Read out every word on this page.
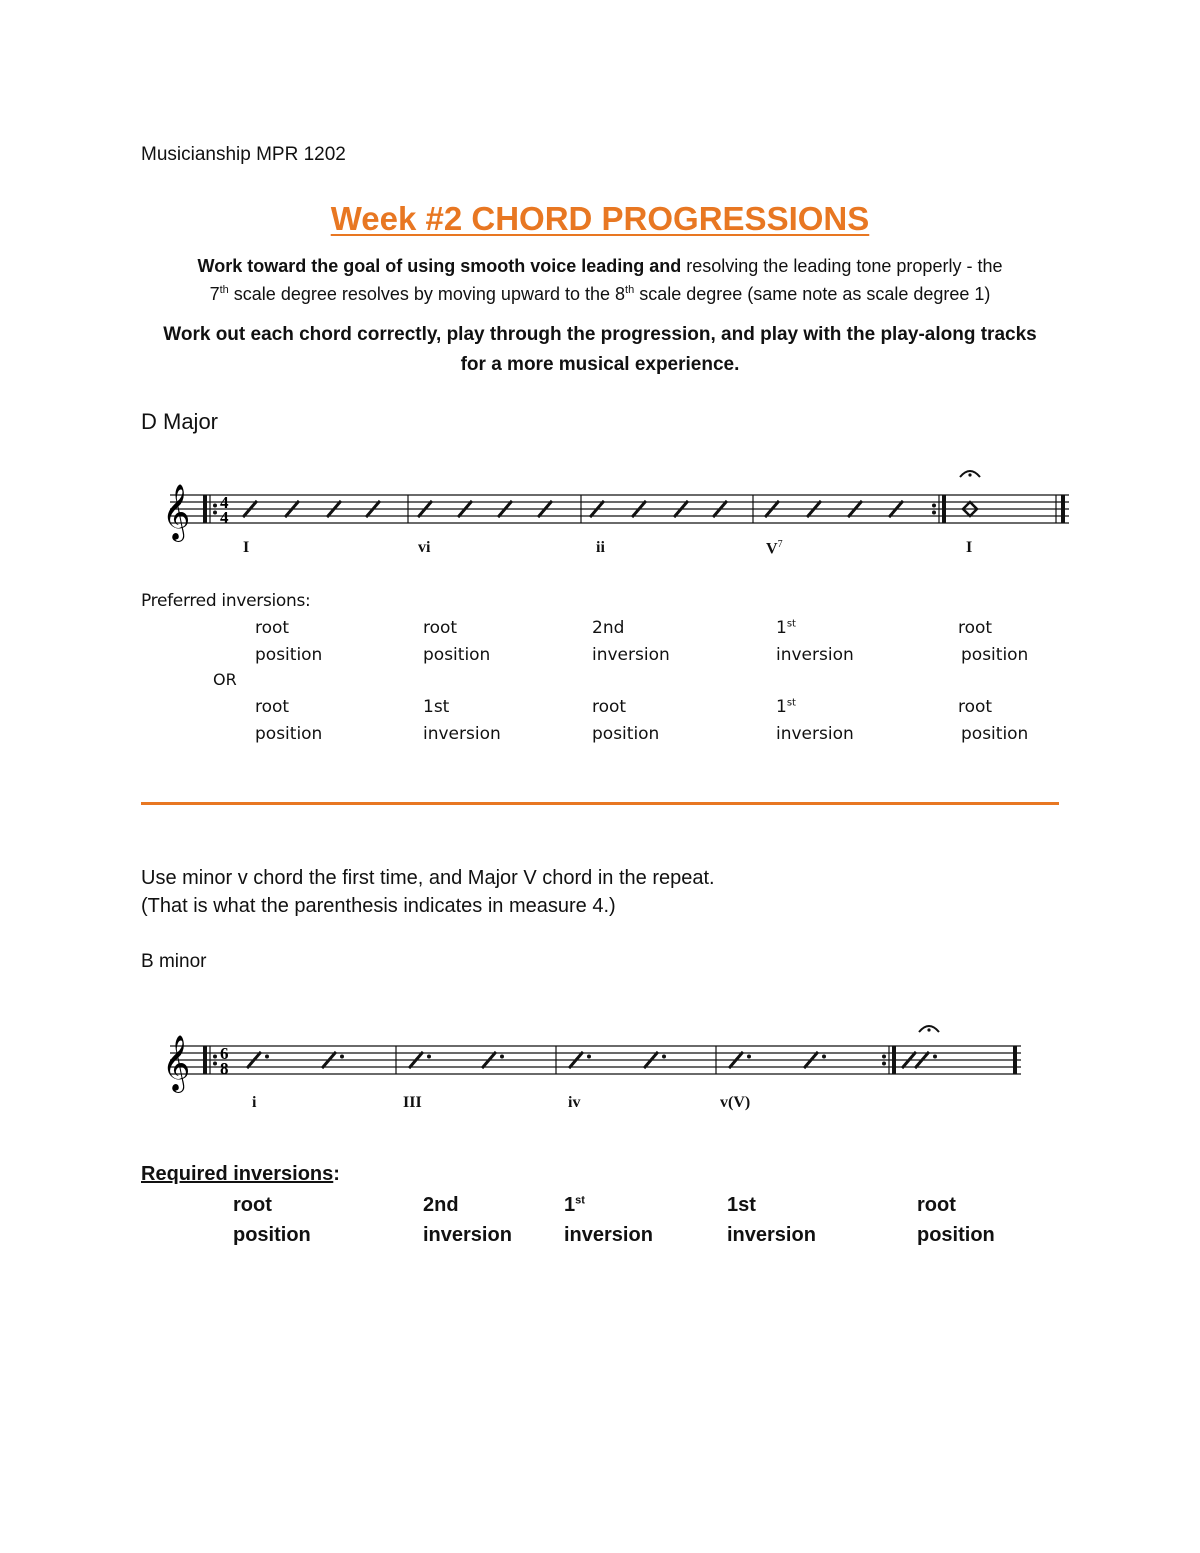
Musicianship MPR 1202
Week #2 CHORD PROGRESSIONS
Work toward the goal of using smooth voice leading and resolving the leading tone properly - the
7th scale degree resolves by moving upward to the 8th scale degree (same note as scale degree 1)
Work out each chord correctly, play through the progression, and play with the play-along tracks for a more musical experience.
D Major
𝄞 4
4
I	vi	ii	$V^7$	I
Preferred inversions:
root
position
root
position
2nd
inversion
1st
inversion
root
position
OR
root
position
1st
inversion
root
position
1st
inversion
root
position
Use minor v chord the first time, and Major V chord in the repeat.
(That is what the parenthesis indicates in measure 4.)
B minor
𝄞 6
8
i	III	iv	v(V)
Required inversions:
root
position
2nd
inversion
1st
inversion
1st
inversion
root
position
